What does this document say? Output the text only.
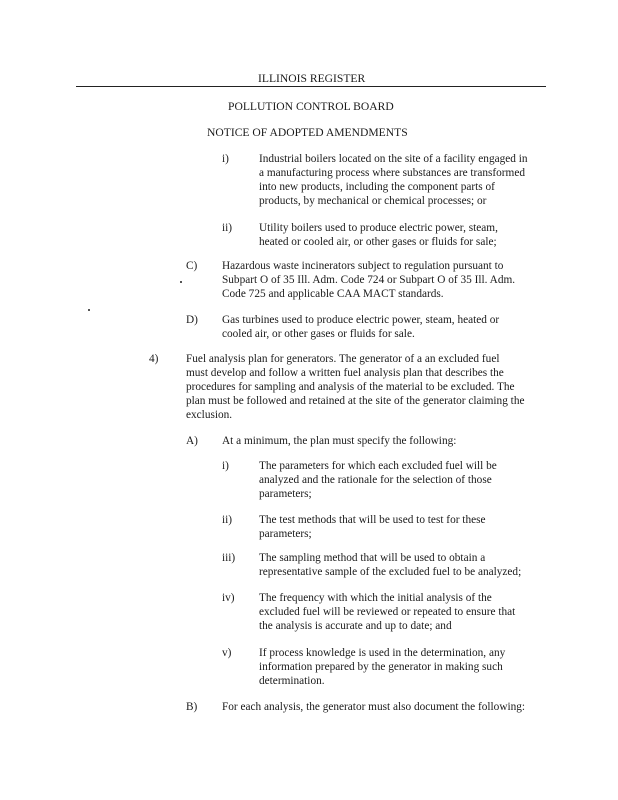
ILLINOIS REGISTER
POLLUTION CONTROL BOARD
NOTICE OF ADOPTED AMENDMENTS
i)	Industrial boilers located on the site of a facility engaged in
a manufacturing process where substances are transformed
into new products, including the component parts of
products, by mechanical or chemical processes; or
ii) Utility boilers used to produce electric power, steam,
heated or cooled air, or other gases or fluids for sale;
C) Hazardous waste incinerators subject to regulation pursuant to
Subpart O of 35 Ill. Adm. Code 724 or Subpart O of 35 Ill. Adm.
Code 725 and applicable CAA MACT standards.
D) Gas turbines used to produce electric power, steam, heated or
cooled air, or other gases or fluids for sale.
4) Fuel analysis plan for generators. The generator of a an excluded fuel
must develop and follow a written fuel analysis plan that describes the
procedures for sampling and analysis of the material to be excluded. The
plan must be followed and retained at the site of the generator claiming the
exclusion.
A) At a minimum, the plan must specify the following:
i)	The parameters for which each excluded fuel will be
analyzed and the rationale for the selection of those
parameters;
ii) The test methods that will be used to test for these
parameters;
iii) The sampling method that will be used to obtain a
representative sample of the excluded fuel to be analyzed;
iv) The frequency with which the initial analysis of the
excluded fuel will be reviewed or repeated to ensure that
the analysis is accurate and up to date; and
v) If process knowledge is used in the determination, any
information prepared by the generator in making such
determination.
B) For each analysis, the generator must also document the following:
